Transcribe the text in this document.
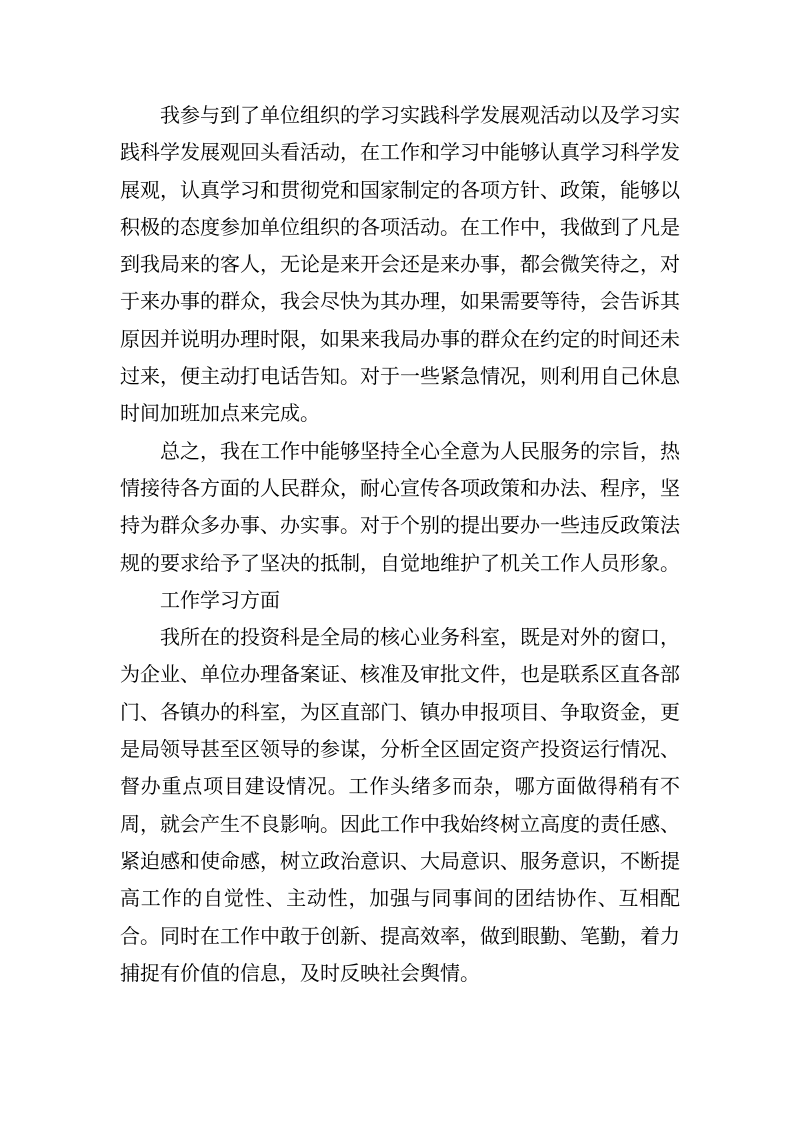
我参与到了单位组织的学习实践科学发展观活动以及学习实践科学发展观回头看活动，在工作和学习中能够认真学习科学发展观，认真学习和贯彻党和国家制定的各项方针、政策，能够以积极的态度参加单位组织的各项活动。在工作中，我做到了凡是到我局来的客人，无论是来开会还是来办事，都会微笑待之，对于来办事的群众，我会尽快为其办理，如果需要等待，会告诉其原因并说明办理时限，如果来我局办事的群众在约定的时间还未过来，便主动打电话告知。对于一些紧急情况，则利用自己休息时间加班加点来完成。

总之，我在工作中能够坚持全心全意为人民服务的宗旨，热情接待各方面的人民群众，耐心宣传各项政策和办法、程序，坚持为群众多办事、办实事。对于个别的提出要办一些违反政策法规的要求给予了坚决的抵制，自觉地维护了机关工作人员形象。

工作学习方面

我所在的投资科是全局的核心业务科室，既是对外的窗口，为企业、单位办理备案证、核准及审批文件，也是联系区直各部门、各镇办的科室，为区直部门、镇办申报项目、争取资金，更是局领导甚至区领导的参谋，分析全区固定资产投资运行情况、督办重点项目建设情况。工作头绪多而杂，哪方面做得稍有不周，就会产生不良影响。因此工作中我始终树立高度的责任感、紧迫感和使命感，树立政治意识、大局意识、服务意识，不断提高工作的自觉性、主动性，加强与同事间的团结协作、互相配合。同时在工作中敢于创新、提高效率，做到眼勤、笔勤，着力捕捉有价值的信息，及时反映社会舆情。
